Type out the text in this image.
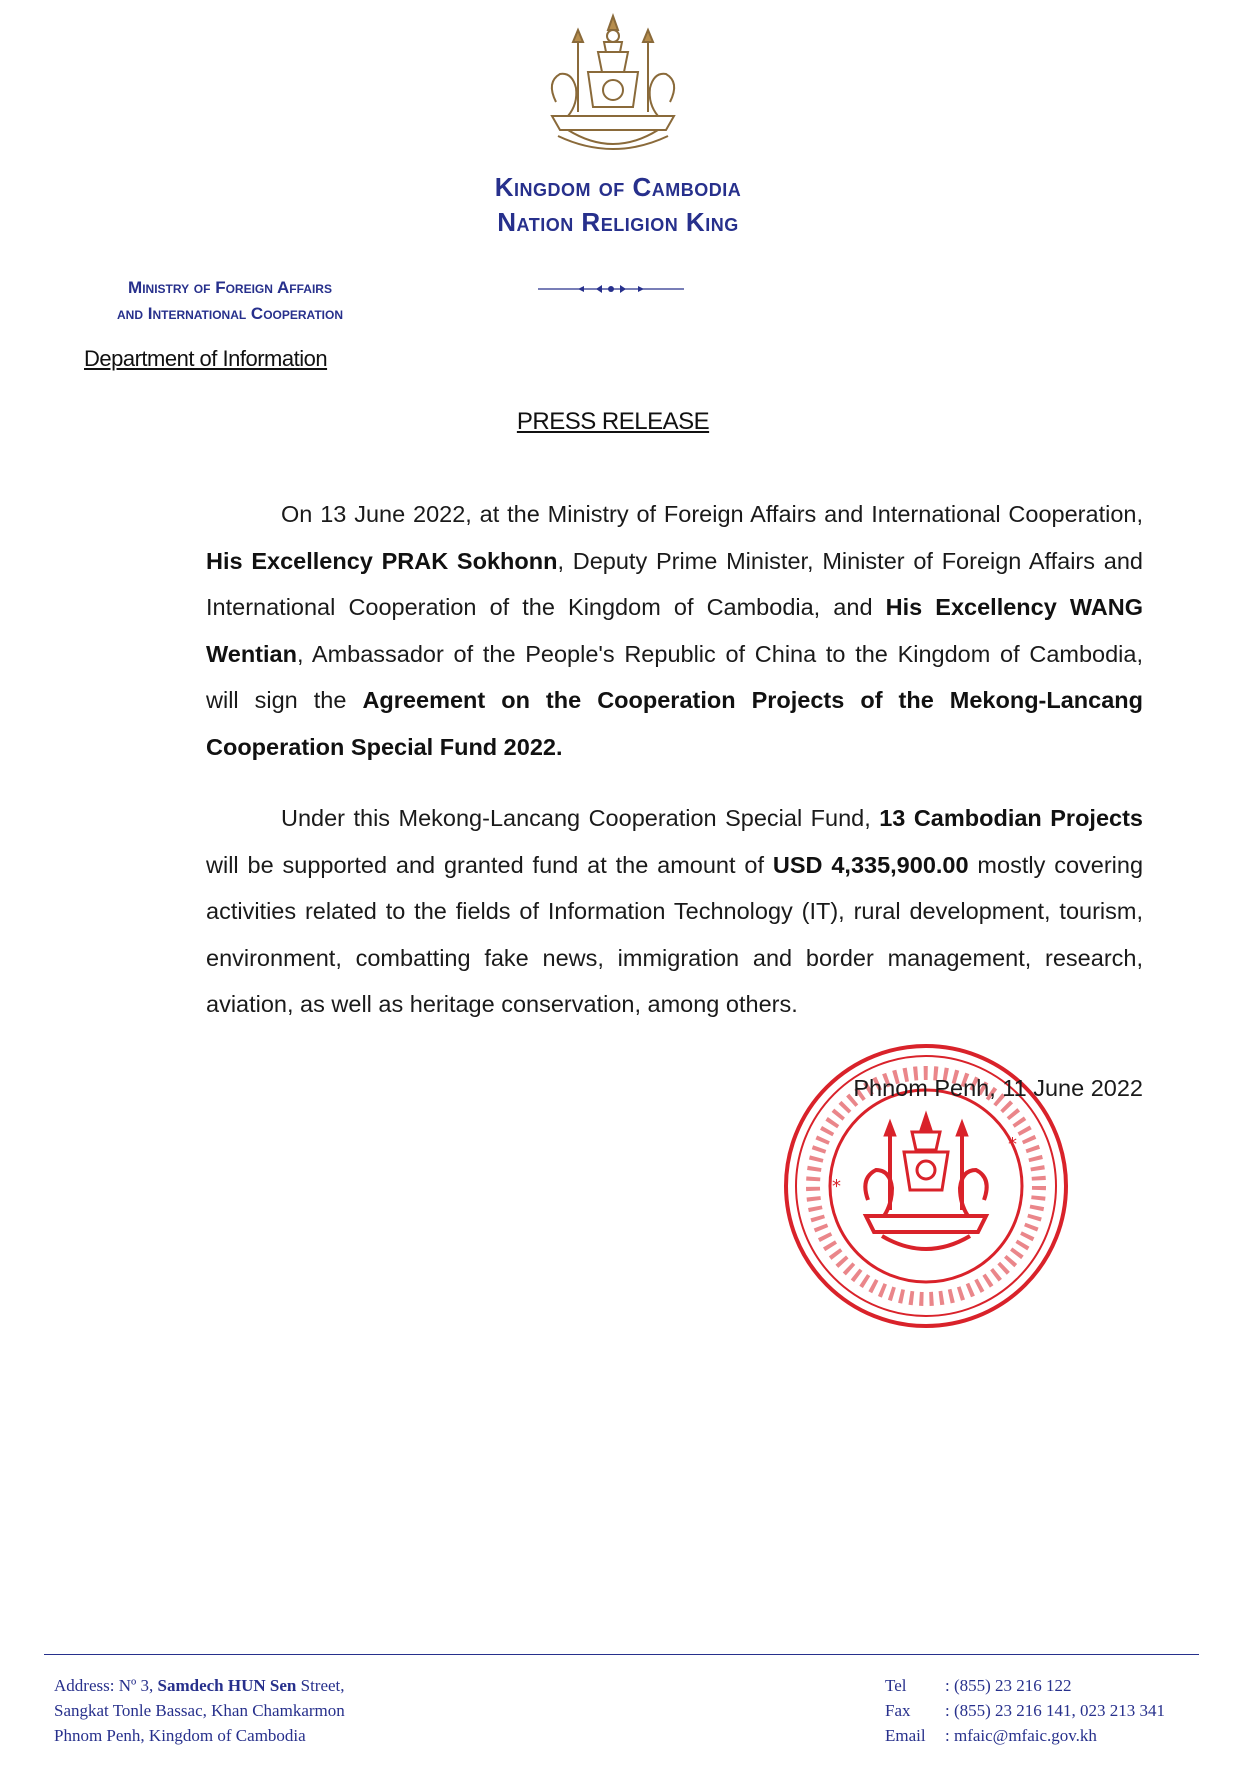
Kingdom of Cambodia
Nation Religion King
Ministry of Foreign Affairs
and International Cooperation
Department of Information
PRESS RELEASE
On 13 June 2022, at the Ministry of Foreign Affairs and International Cooperation, His Excellency PRAK Sokhonn, Deputy Prime Minister, Minister of Foreign Affairs and International Cooperation of the Kingdom of Cambodia, and His Excellency WANG Wentian, Ambassador of the People's Republic of China to the Kingdom of Cambodia, will sign the Agreement on the Cooperation Projects of the Mekong-Lancang Cooperation Special Fund 2022.
Under this Mekong-Lancang Cooperation Special Fund, 13 Cambodian Projects will be supported and granted fund at the amount of USD 4,335,900.00 mostly covering activities related to the fields of Information Technology (IT), rural development, tourism, environment, combatting fake news, immigration and border management, research, aviation, as well as heritage conservation, among others.
*
*
Phnom Penh, 11 June 2022
Address: Nº 3, Samdech HUN Sen Street,
Sangkat Tonle Bassac, Khan Chamkarmon
Phnom Penh, Kingdom of Cambodia
Tel	: (855) 23 216 122
Fax	: (855) 23 216 141, 023 213 341
Email	: mfaic@mfaic.gov.kh
